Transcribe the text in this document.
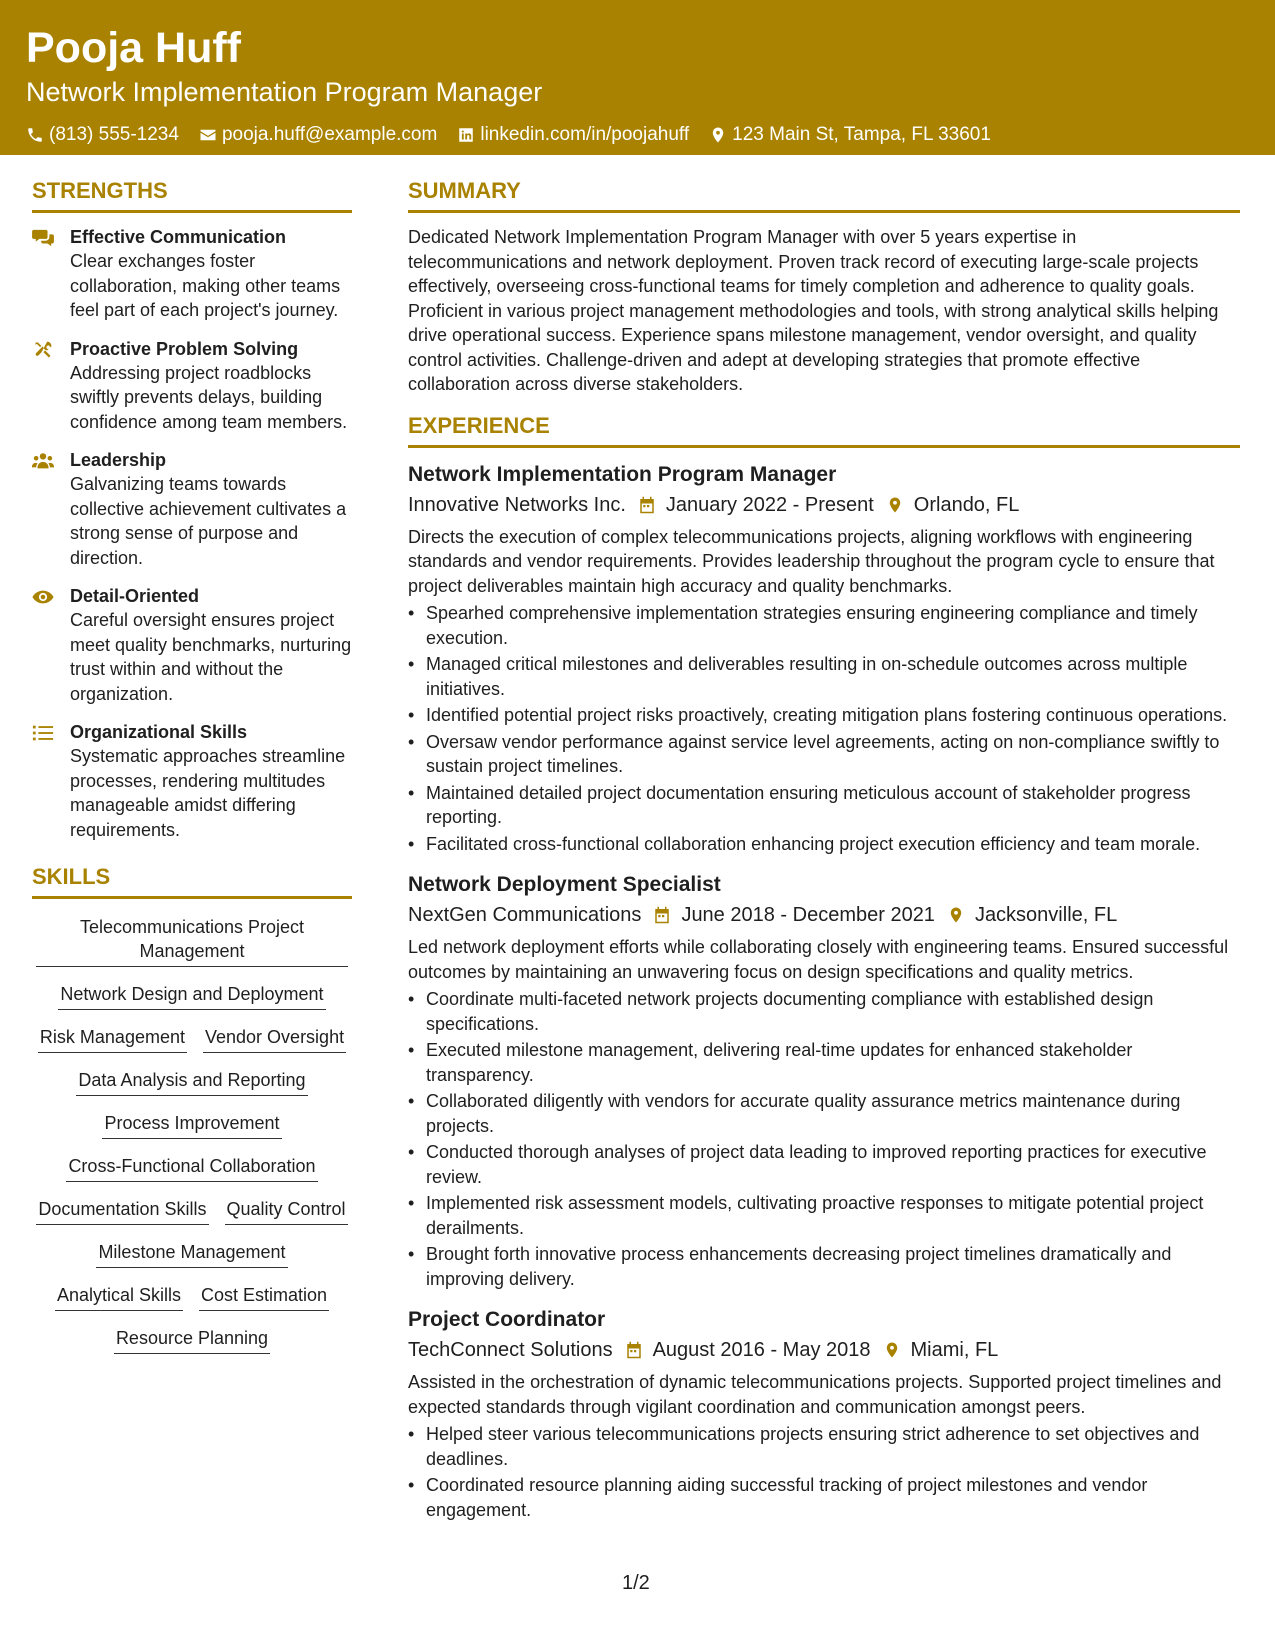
Pooja Huff
Network Implementation Program Manager
(813) 555-1234 pooja.huff@example.com linkedin.com/in/poojahuff 123 Main St, Tampa, FL 33601
STRENGTHS
Effective Communication
Clear exchanges foster collaboration, making other teams feel part of each project's journey.
Proactive Problem Solving
Addressing project roadblocks swiftly prevents delays, building confidence among team members.
Leadership
Galvanizing teams towards collective achievement cultivates a strong sense of purpose and direction.
Detail-Oriented
Careful oversight ensures project meet quality benchmarks, nurturing trust within and without the organization.
Organizational Skills
Systematic approaches streamline processes, rendering multitudes manageable amidst differing requirements.
SKILLS
Telecommunications Project Management
Network Design and Deployment
Risk Management Vendor Oversight
Data Analysis and Reporting
Process Improvement
Cross-Functional Collaboration
Documentation Skills Quality Control
Milestone Management
Analytical Skills Cost Estimation
Resource Planning
SUMMARY
Dedicated Network Implementation Program Manager with over 5 years expertise in telecommunications and network deployment. Proven track record of executing large-scale projects effectively, overseeing cross-functional teams for timely completion and adherence to quality goals. Proficient in various project management methodologies and tools, with strong analytical skills helping drive operational success. Experience spans milestone management, vendor oversight, and quality control activities. Challenge-driven and adept at developing strategies that promote effective collaboration across diverse stakeholders.
EXPERIENCE
Network Implementation Program Manager
Innovative Networks Inc. January 2022 - Present Orlando, FL
Directs the execution of complex telecommunications projects, aligning workflows with engineering standards and vendor requirements. Provides leadership throughout the program cycle to ensure that project deliverables maintain high accuracy and quality benchmarks.
• Spearhed comprehensive implementation strategies ensuring engineering compliance and timely execution.
• Managed critical milestones and deliverables resulting in on-schedule outcomes across multiple initiatives.
• Identified potential project risks proactively, creating mitigation plans fostering continuous operations.
• Oversaw vendor performance against service level agreements, acting on non-compliance swiftly to sustain project timelines.
• Maintained detailed project documentation ensuring meticulous account of stakeholder progress reporting.
• Facilitated cross-functional collaboration enhancing project execution efficiency and team morale.
Network Deployment Specialist
NextGen Communications June 2018 - December 2021 Jacksonville, FL
Led network deployment efforts while collaborating closely with engineering teams. Ensured successful outcomes by maintaining an unwavering focus on design specifications and quality metrics.
• Coordinate multi-faceted network projects documenting compliance with established design specifications.
• Executed milestone management, delivering real-time updates for enhanced stakeholder transparency.
• Collaborated diligently with vendors for accurate quality assurance metrics maintenance during projects.
• Conducted thorough analyses of project data leading to improved reporting practices for executive review.
• Implemented risk assessment models, cultivating proactive responses to mitigate potential project derailments.
• Brought forth innovative process enhancements decreasing project timelines dramatically and improving delivery.
Project Coordinator
TechConnect Solutions August 2016 - May 2018 Miami, FL
Assisted in the orchestration of dynamic telecommunications projects. Supported project timelines and expected standards through vigilant coordination and communication amongst peers.
• Helped steer various telecommunications projects ensuring strict adherence to set objectives and deadlines.
• Coordinated resource planning aiding successful tracking of project milestones and vendor engagement.
1/2
